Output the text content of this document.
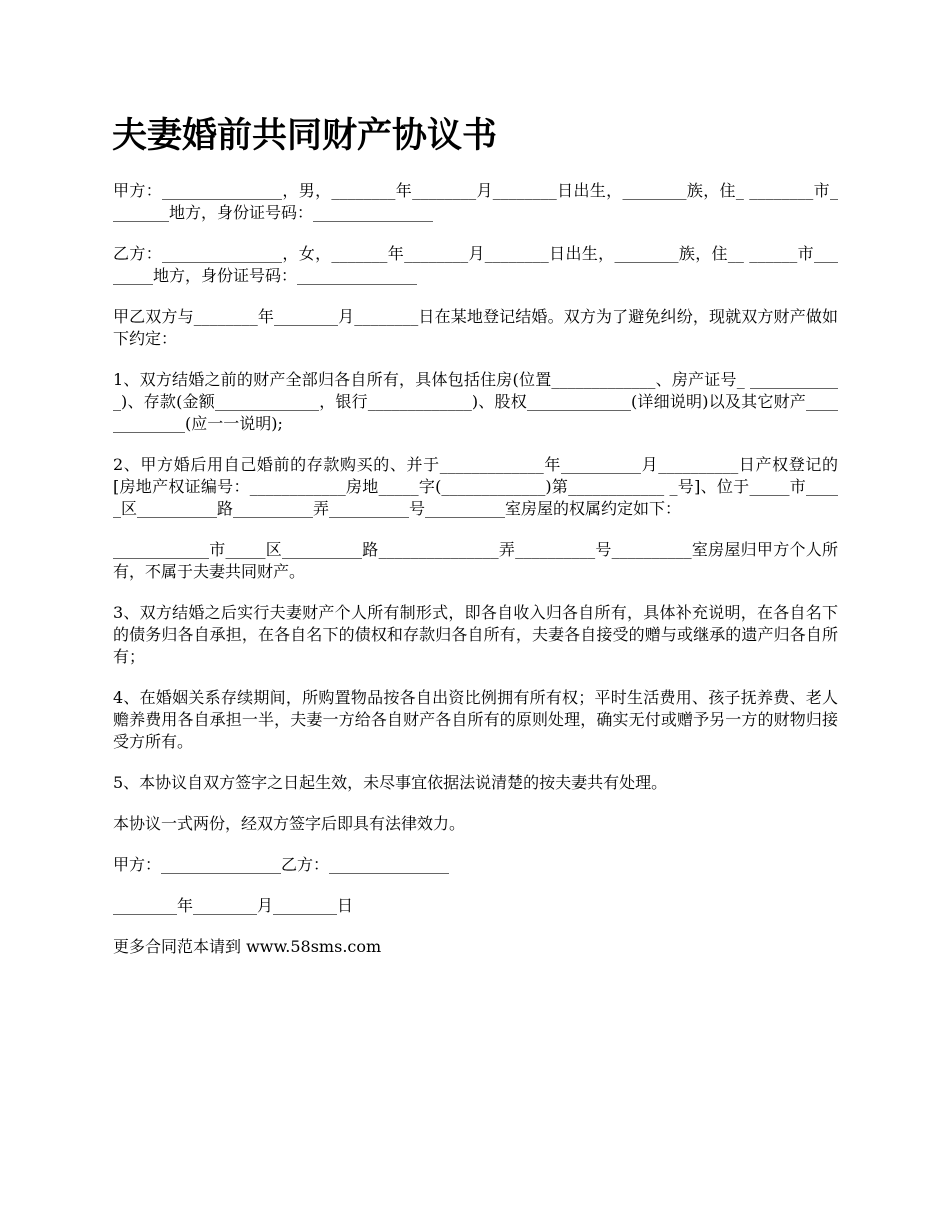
夫妻婚前共同财产协议书

甲方：_______________，男，________年________月________日出生，________族，住_ ________市________地方，身份证号码：_______________

乙方：_______________，女，_______年________月________日出生，________族，住__ ______市________地方，身份证号码：_______________

甲乙双方与________年________月________日在某地登记结婚。双方为了避免纠纷，现就双方财产做如下约定：

1、双方结婚之前的财产全部归各自所有，具体包括住房(位置_____________、房产证号_ ____________)、存款(金额_____________，银行_____________)、股权_____________(详细说明)以及其它财产_____________(应一一说明);

2、甲方婚后用自己婚前的存款购买的、并于_____________年__________月__________日产权登记的[房地产权证编号：____________房地_____字(_____________)第____________ _号]、位于_____市_____区__________路__________弄__________号__________室房屋的权属约定如下：

____________市_____区__________路_______________弄__________号__________室房屋归甲方个人所有，不属于夫妻共同财产。

3、双方结婚之后实行夫妻财产个人所有制形式，即各自收入归各自所有，具体补充说明，在各自名下的债务归各自承担，在各自名下的债权和存款归各自所有，夫妻各自接受的赠与或继承的遗产归各自所有；

4、在婚姻关系存续期间，所购置物品按各自出资比例拥有所有权；平时生活费用、孩子抚养费、老人赡养费用各自承担一半，夫妻一方给各自财产各自所有的原则处理，确实无付或赠予另一方的财物归接受方所有。

5、本协议自双方签字之日起生效，未尽事宜依据法说清楚的按夫妻共有处理。

本协议一式两份，经双方签字后即具有法律效力。

甲方：_______________乙方：_______________

________年________月________日

更多合同范本请到 www.58sms.com
